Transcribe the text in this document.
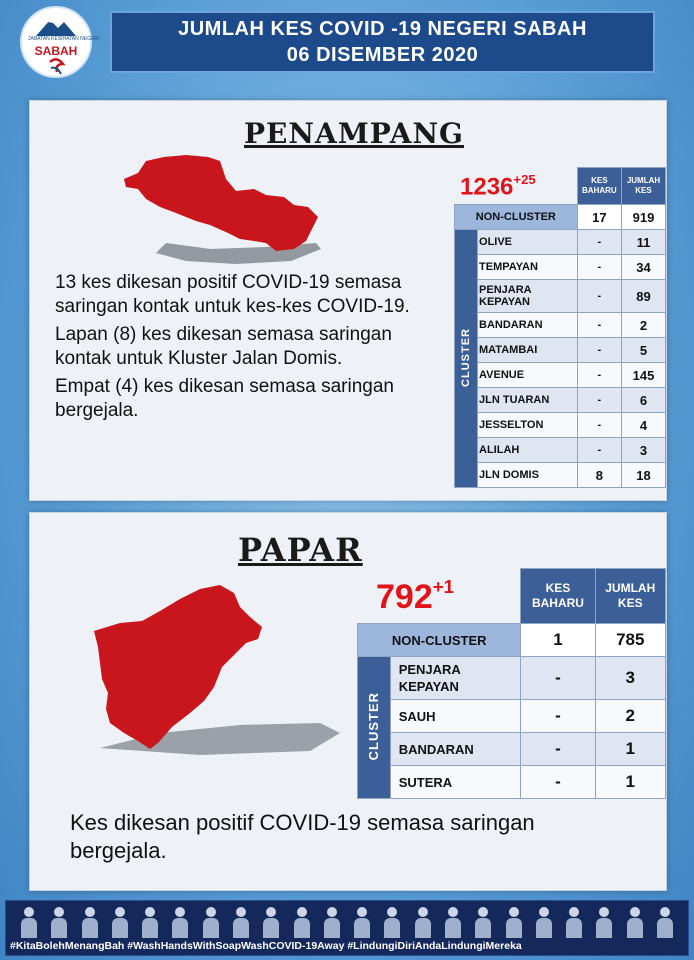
JABATAN KESIHATAN NEGERI
SABAH
JUMLAH KES COVID -19 NEGERI SABAH
06 DISEMBER 2020
PENAMPANG

13 kes dikesan positif COVID-19 semasa saringan kontak untuk kes-kes COVID-19.

Lapan (8) kes dikesan semasa saringan kontak untuk Kluster Jalan Domis.

Empat (4) kes dikesan semasa saringan bergejala.

$1236^{+25}$
			KES BAHARU	JUMLAH KES
NON-CLUSTER		17	919
CLUSTER	OLIVE	-	11
	TEMPAYAN	-	34
	PENJARA KEPAYAN	-	89
	BANDARAN	-	2
	MATAMBAI	-	5
	AVENUE	-	145
	JLN TUARAN	-	6
	JESSELTON	-	4
	ALILAH	-	3
	JLN DOMIS	8	18
PAPAR
$792^{+1}$
			KES BAHARU	JUMLAH KES
NON-CLUSTER		1	785
CLUSTER	PENJARA KEPAYAN	-	3
	SAUH	-	2
	BANDARAN	-	1
	SUTERA	-	1
Kes dikesan positif COVID-19 semasa saringan bergejala.
#KitaBolehMenangBah #WashHandsWithSoapWashCOVID-19Away #LindungiDiriAndaLindungiMereka
